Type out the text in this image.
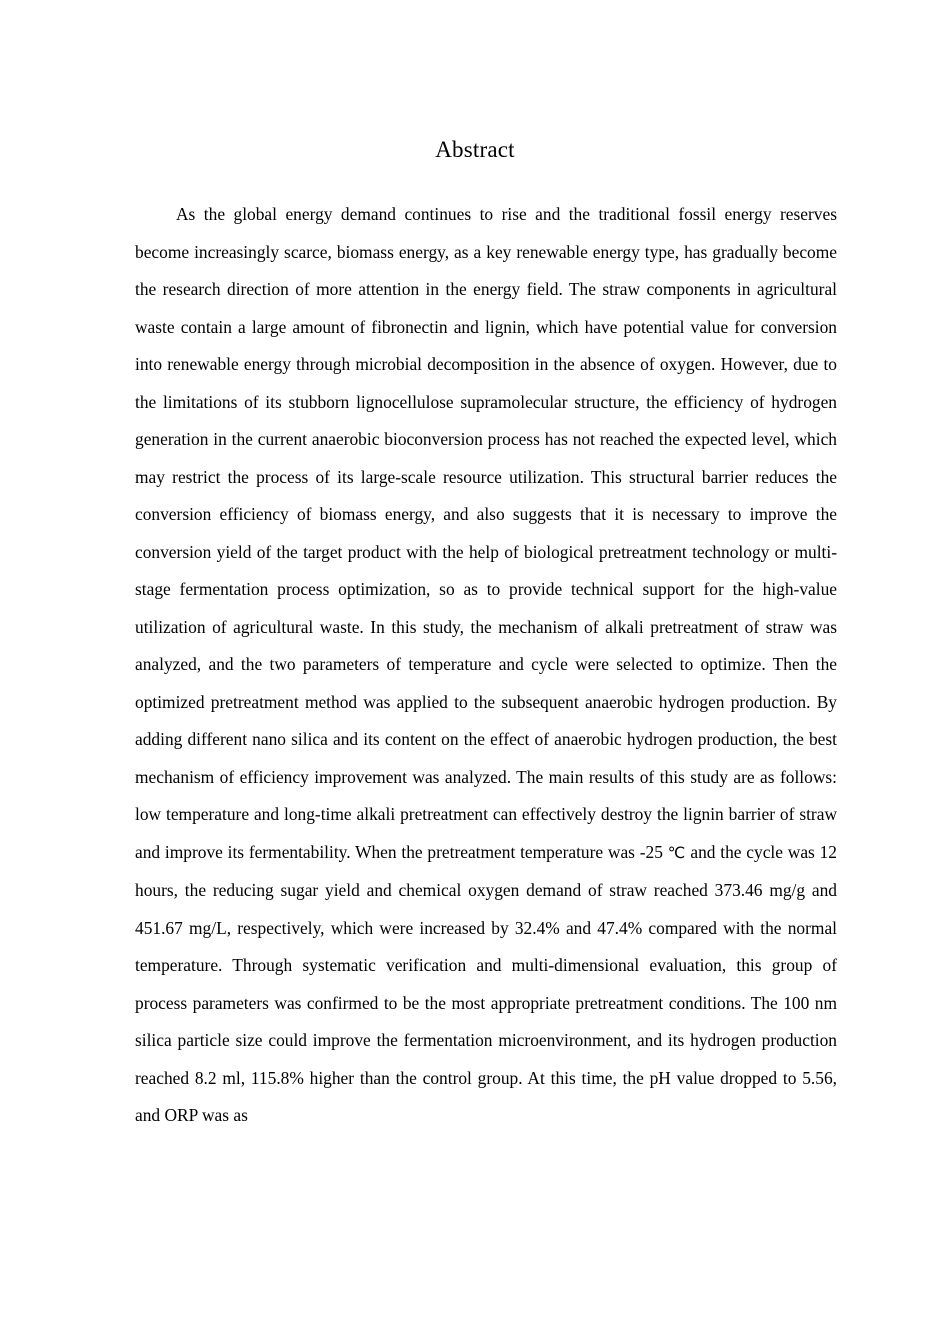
Abstract

As the global energy demand continues to rise and the traditional fossil energy reserves become increasingly scarce, biomass energy, as a key renewable energy type, has gradually become the research direction of more attention in the energy field. The straw components in agricultural waste contain a large amount of fibronectin and lignin, which have potential value for conversion into renewable energy through microbial decomposition in the absence of oxygen. However, due to the limitations of its stubborn lignocellulose supramolecular structure, the efficiency of hydrogen generation in the current anaerobic bioconversion process has not reached the expected level, which may restrict the process of its large-scale resource utilization. This structural barrier reduces the conversion efficiency of biomass energy, and also suggests that it is necessary to improve the conversion yield of the target product with the help of biological pretreatment technology or multi-stage fermentation process optimization, so as to provide technical support for the high-value utilization of agricultural waste. In this study, the mechanism of alkali pretreatment of straw was analyzed, and the two parameters of temperature and cycle were selected to optimize. Then the optimized pretreatment method was applied to the subsequent anaerobic hydrogen production. By adding different nano silica and its content on the effect of anaerobic hydrogen production, the best mechanism of efficiency improvement was analyzed. The main results of this study are as follows: low temperature and long-time alkali pretreatment can effectively destroy the lignin barrier of straw and improve its fermentability. When the pretreatment temperature was -25 ℃ and the cycle was 12 hours, the reducing sugar yield and chemical oxygen demand of straw reached 373.46 mg/g and 451.67 mg/L, respectively, which were increased by 32.4% and 47.4% compared with the normal temperature. Through systematic verification and multi-dimensional evaluation, this group of process parameters was confirmed to be the most appropriate pretreatment conditions. The 100 nm silica particle size could improve the fermentation microenvironment, and its hydrogen production reached 8.2 ml, 115.8% higher than the control group. At this time, the pH value dropped to 5.56, and ORP was as
